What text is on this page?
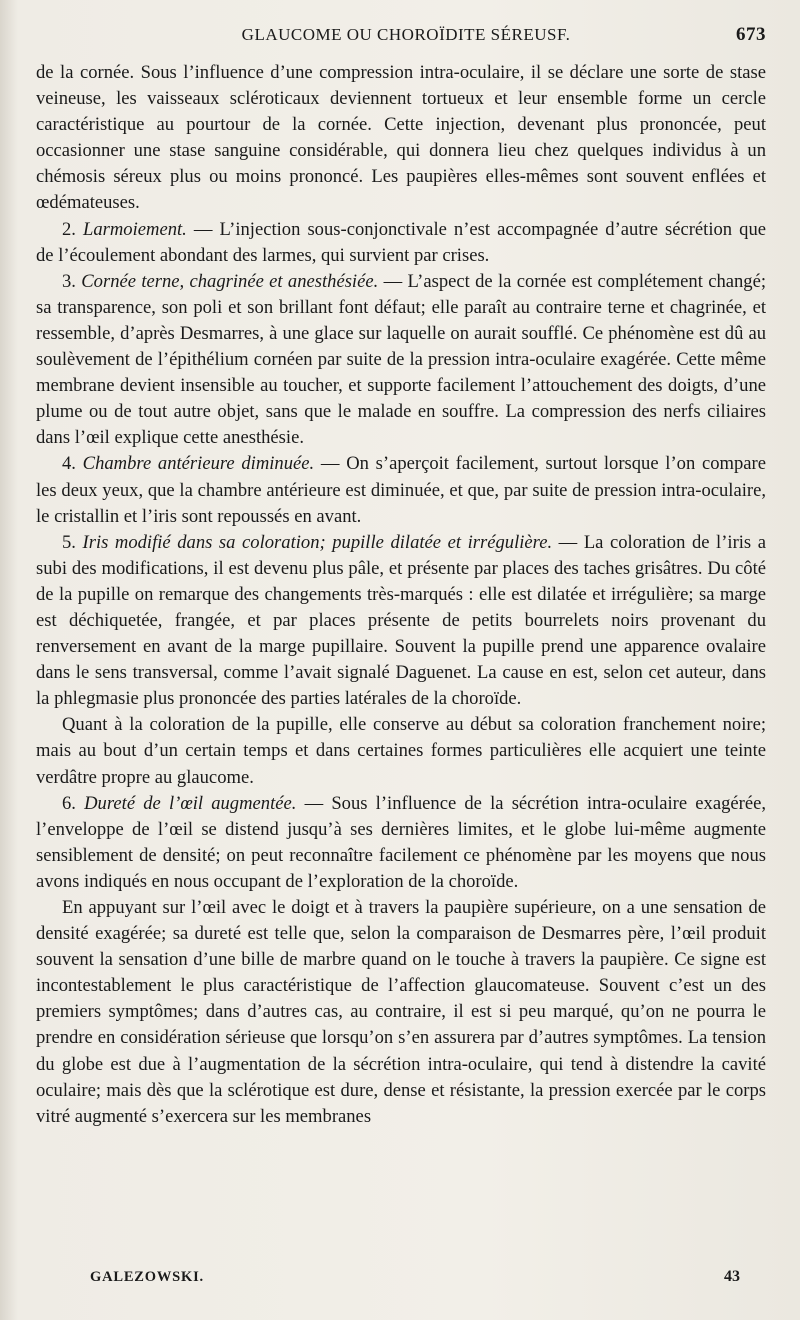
GLAUCOME OU CHOROÏDITE SÉREUSF.	673

de la cornée. Sous l’influence d’une compression intra-oculaire, il se déclare une sorte de stase veineuse, les vaisseaux scléroticaux deviennent tortueux et leur ensemble forme un cercle caractéristique au pourtour de la cornée. Cette injection, devenant plus prononcée, peut occasionner une stase sanguine considérable, qui donnera lieu chez quelques individus à un chémosis séreux plus ou moins prononcé. Les paupières elles-mêmes sont souvent enflées et œdémateuses.

2. Larmoiement. — L’injection sous-conjonctivale n’est accompagnée d’autre sécrétion que de l’écoulement abondant des larmes, qui survient par crises.

3. Cornée terne, chagrinée et anesthésiée. — L’aspect de la cornée est complétement changé; sa transparence, son poli et son brillant font défaut; elle paraît au contraire terne et chagrinée, et ressemble, d’après Desmarres, à une glace sur laquelle on aurait soufflé. Ce phénomène est dû au soulèvement de l’épithélium cornéen par suite de la pression intra-oculaire exagérée. Cette même membrane devient insensible au toucher, et supporte facilement l’attouchement des doigts, d’une plume ou de tout autre objet, sans que le malade en souffre. La compression des nerfs ciliaires dans l’œil explique cette anesthésie.

4. Chambre antérieure diminuée. — On s’aperçoit facilement, surtout lorsque l’on compare les deux yeux, que la chambre antérieure est diminuée, et que, par suite de pression intra-oculaire, le cristallin et l’iris sont repoussés en avant.

5. Iris modifié dans sa coloration; pupille dilatée et irrégulière. — La coloration de l’iris a subi des modifications, il est devenu plus pâle, et présente par places des taches grisâtres. Du côté de la pupille on remarque des changements très-marqués : elle est dilatée et irrégulière; sa marge est déchiquetée, frangée, et par places présente de petits bourrelets noirs provenant du renversement en avant de la marge pupillaire. Souvent la pupille prend une apparence ovalaire dans le sens transversal, comme l’avait signalé Daguenet. La cause en est, selon cet auteur, dans la phlegmasie plus prononcée des parties latérales de la choroïde.

Quant à la coloration de la pupille, elle conserve au début sa coloration franchement noire; mais au bout d’un certain temps et dans certaines formes particulières elle acquiert une teinte verdâtre propre au glaucome.

6. Dureté de l’œil augmentée. — Sous l’influence de la sécrétion intra-oculaire exagérée, l’enveloppe de l’œil se distend jusqu’à ses dernières limites, et le globe lui-même augmente sensiblement de densité; on peut reconnaître facilement ce phénomène par les moyens que nous avons indiqués en nous occupant de l’exploration de la choroïde.

En appuyant sur l’œil avec le doigt et à travers la paupière supérieure, on a une sensation de densité exagérée; sa dureté est telle que, selon la comparaison de Desmarres père, l’œil produit souvent la sensation d’une bille de marbre quand on le touche à travers la paupière. Ce signe est incontestablement le plus caractéristique de l’affection glaucomateuse. Souvent c’est un des premiers symptômes; dans d’autres cas, au contraire, il est si peu marqué, qu’on ne pourra le prendre en considération sérieuse que lorsqu’on s’en assurera par d’autres symptômes. La tension du globe est due à l’augmentation de la sécrétion intra-oculaire, qui tend à distendre la cavité oculaire; mais dès que la sclérotique est dure, dense et résistante, la pression exercée par le corps vitré augmenté s’exercera sur les membranes

GALEZOWSKI.	43
